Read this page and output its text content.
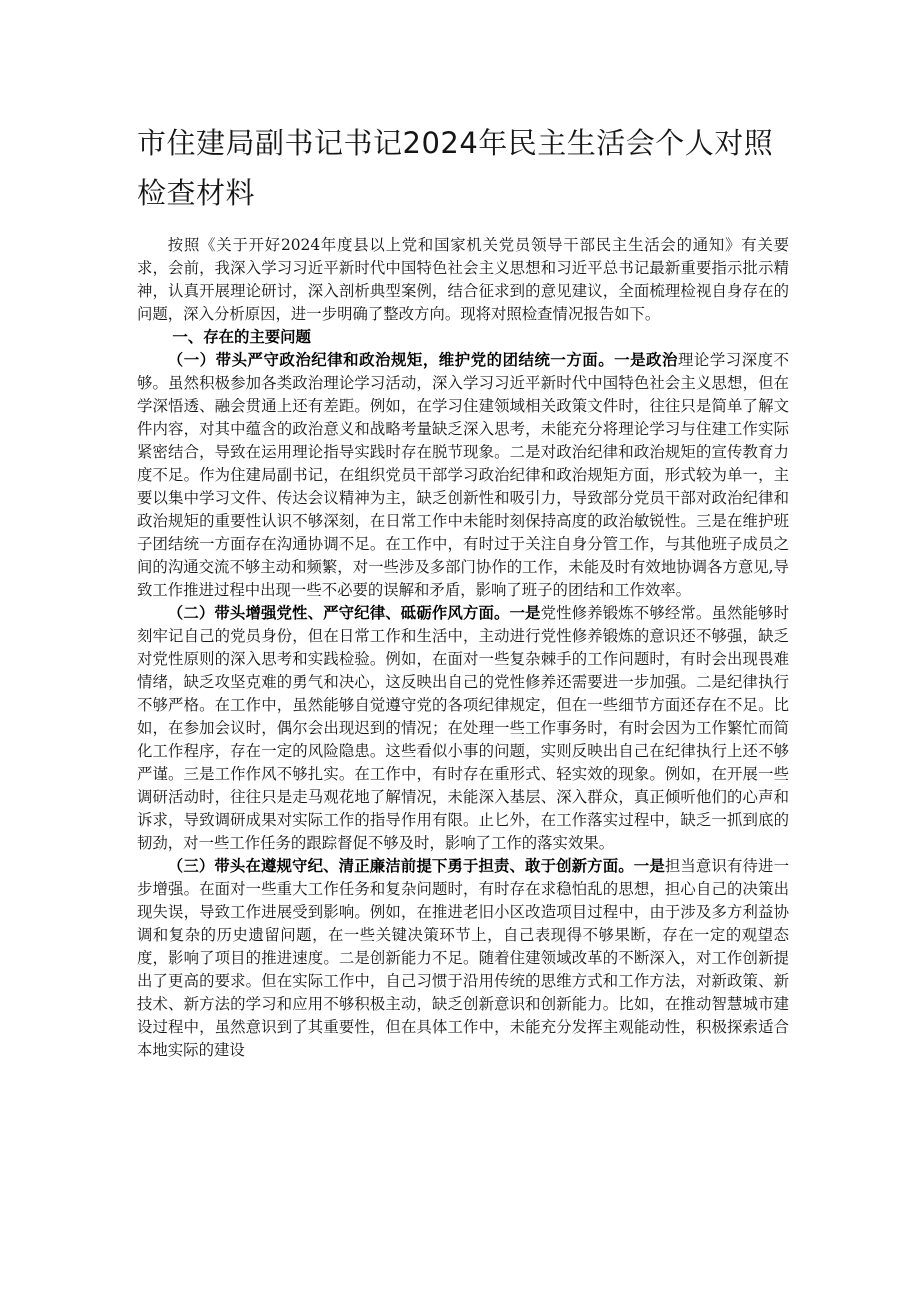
市住建局副书记书记2024年民主生活会个人对照检查材料

按照《关于开好2024年度县以上党和国家机关党员领导干部民主生活会的通知》有关要求，会前，我深入学习习近平新时代中国特色社会主义思想和习近平总书记最新重要指示批示精神，认真开展理论研讨，深入剖析典型案例，结合征求到的意见建议，全面梳理检视自身存在的问题，深入分析原因，进一步明确了整改方向。现将对照检查情况报告如下。

一、存在的主要问题

（一）带头严守政治纪律和政治规矩，维护党的团结统一方面。一是政治理论学习深度不够。虽然积极参加各类政治理论学习活动，深入学习习近平新时代中国特色社会主义思想，但在学深悟透、融会贯通上还有差距。例如，在学习住建领域相关政策文件时，往往只是简单了解文件内容，对其中蕴含的政治意义和战略考量缺乏深入思考，未能充分将理论学习与住建工作实际紧密结合，导致在运用理论指导实践时存在脱节现象。二是对政治纪律和政治规矩的宣传教育力度不足。作为住建局副书记，在组织党员干部学习政治纪律和政治规矩方面，形式较为单一，主要以集中学习文件、传达会议精神为主，缺乏创新性和吸引力，导致部分党员干部对政治纪律和政治规矩的重要性认识不够深刻，在日常工作中未能时刻保持高度的政治敏锐性。三是在维护班子团结统一方面存在沟通协调不足。在工作中，有时过于关注自身分管工作，与其他班子成员之间的沟通交流不够主动和频繁，对一些涉及多部门协作的工作，未能及时有效地协调各方意见,导致工作推进过程中出现一些不必要的误解和矛盾，影响了班子的团结和工作效率。

（二）带头增强党性、严守纪律、砥砺作风方面。一是党性修养锻炼不够经常。虽然能够时刻牢记自己的党员身份，但在日常工作和生活中，主动进行党性修养锻炼的意识还不够强，缺乏对党性原则的深入思考和实践检验。例如，在面对一些复杂棘手的工作问题时，有时会出现畏难情绪，缺乏攻坚克难的勇气和决心，这反映出自己的党性修养还需要进一步加强。二是纪律执行不够严格。在工作中，虽然能够自觉遵守党的各项纪律规定，但在一些细节方面还存在不足。比如，在参加会议时，偶尔会出现迟到的情况；在处理一些工作事务时，有时会因为工作繁忙而简化工作程序，存在一定的风险隐患。这些看似小事的问题，实则反映出自己在纪律执行上还不够严谨。三是工作作风不够扎实。在工作中，有时存在重形式、轻实效的现象。例如，在开展一些调研活动时，往往只是走马观花地了解情况，未能深入基层、深入群众，真正倾听他们的心声和诉求，导致调研成果对实际工作的指导作用有限。止匕外，在工作落实过程中，缺乏一抓到底的韧劲，对一些工作任务的跟踪督促不够及时，影响了工作的落实效果。

（三）带头在遵规守纪、清正廉洁前提下勇于担责、敢于创新方面。一是担当意识有待进一步增强。在面对一些重大工作任务和复杂问题时，有时存在求稳怕乱的思想，担心自己的决策出现失误，导致工作进展受到影响。例如，在推进老旧小区改造项目过程中，由于涉及多方利益协调和复杂的历史遗留问题，在一些关键决策环节上，自己表现得不够果断，存在一定的观望态度，影响了项目的推进速度。二是创新能力不足。随着住建领域改革的不断深入，对工作创新提出了更高的要求。但在实际工作中，自己习惯于沿用传统的思维方式和工作方法，对新政策、新技术、新方法的学习和应用不够积极主动，缺乏创新意识和创新能力。比如，在推动智慧城市建设过程中，虽然意识到了其重要性，但在具体工作中，未能充分发挥主观能动性，积极探索适合本地实际的建设
